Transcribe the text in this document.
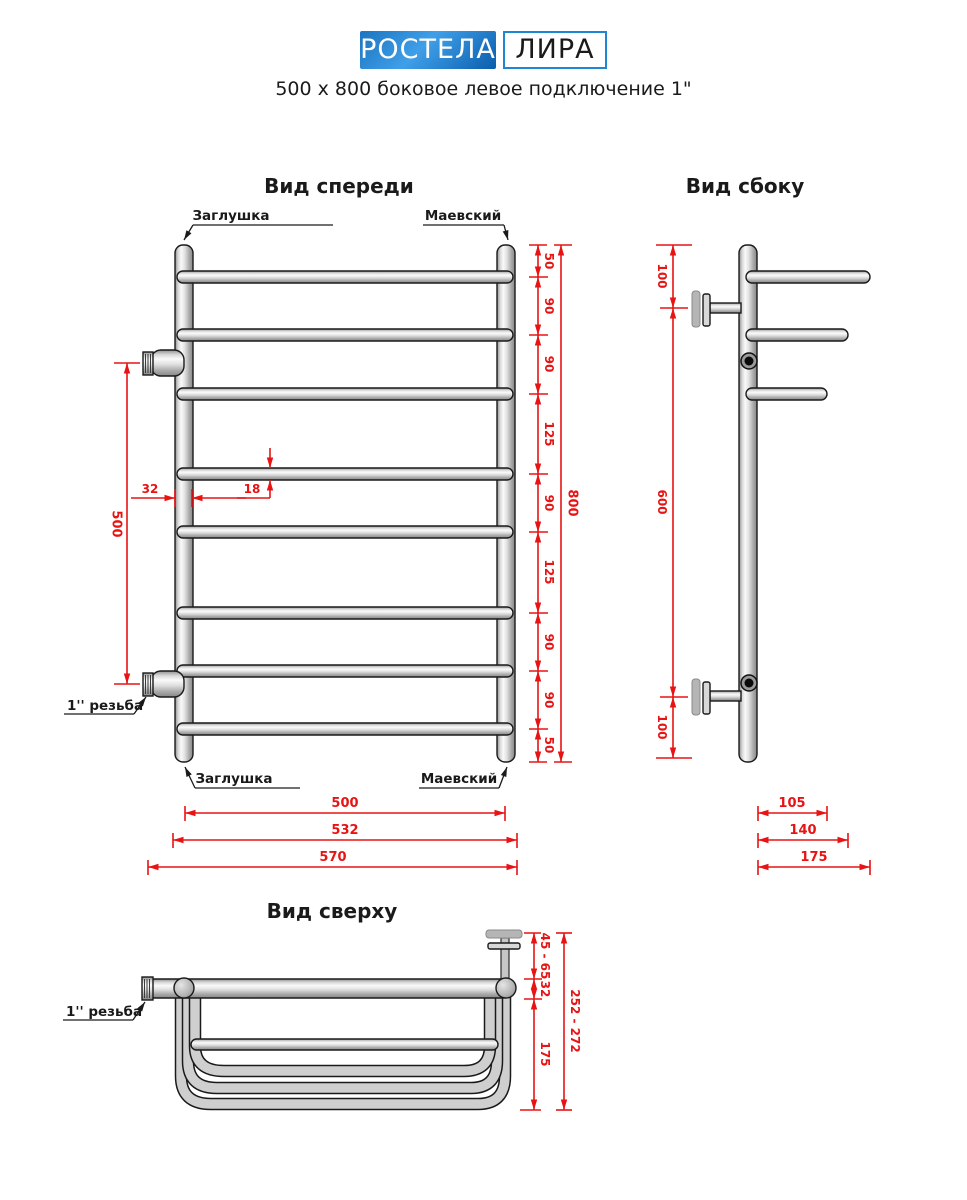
РОСТЕЛА ЛИРА
500 x 800 боковое левое подключение 1"
Вид спереди
Заглушка	Маевский
Заглушка	Маевский
1'' резьба
50
90
90
125
90
125
90
90
50
800
500
32	18
500
532
570
Вид сбоку
100
600
100
105
140
175
Вид сверху
1'' резьба
45 - 65
32
175
252 - 272
